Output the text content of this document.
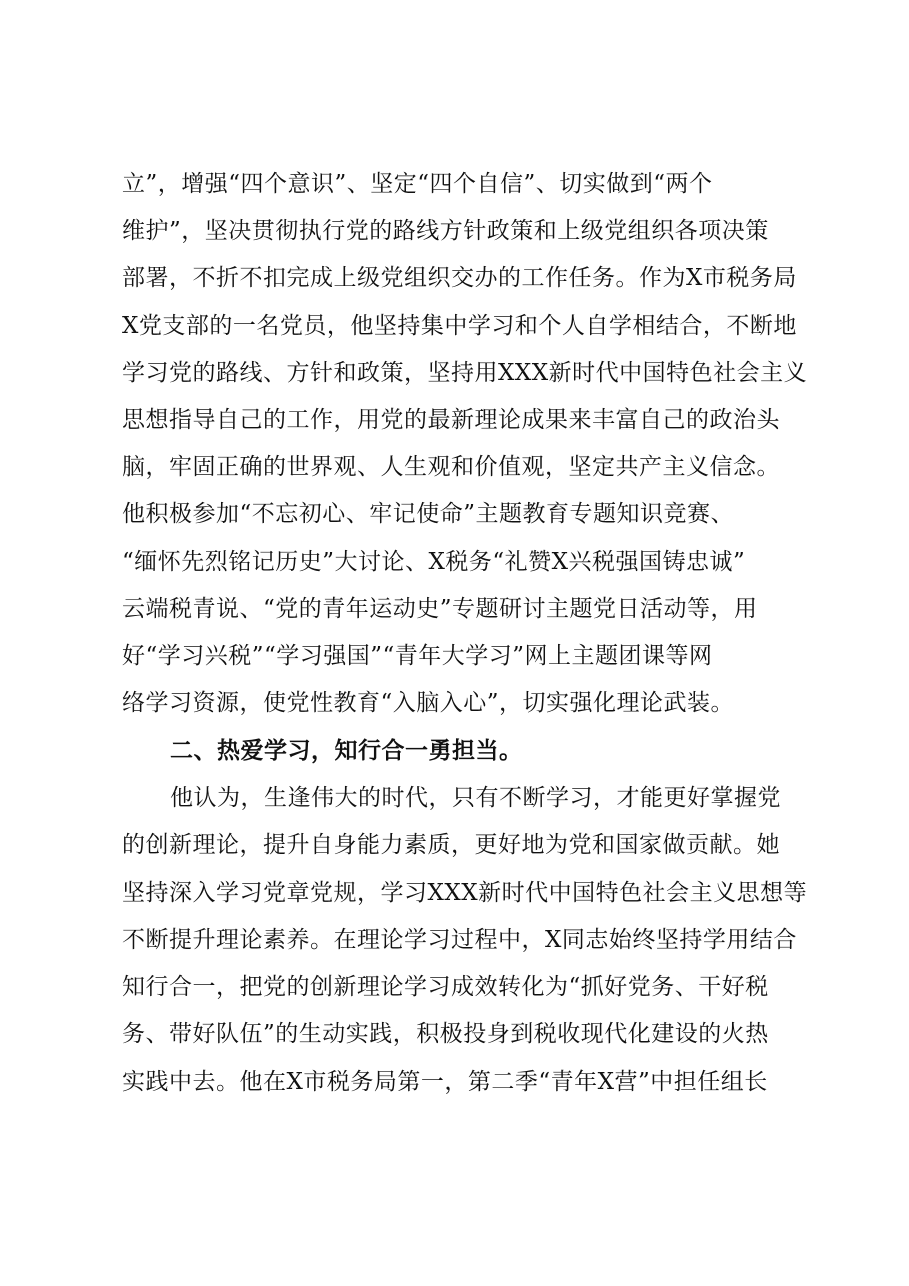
立”，增强“四个意识”、坚定“四个自信”、切实做到“两个
维护”，坚决贯彻执行党的路线方针政策和上级党组织各项决策
部署，不折不扣完成上级党组织交办的工作任务。作为X市税务局
X党支部的一名党员，他坚持集中学习和个人自学相结合，不断地
学习党的路线、方针和政策，坚持用XXX新时代中国特色社会主义
思想指导自己的工作，用党的最新理论成果来丰富自己的政治头
脑，牢固正确的世界观、人生观和价值观，坚定共产主义信念。
他积极参加“不忘初心、牢记使命”主题教育专题知识竞赛、
“缅怀先烈铭记历史”大讨论、X税务“礼赞X兴税强国铸忠诚”
云端税青说、“党的青年运动史”专题研讨主题党日活动等，用
好“学习兴税”“学习强国”“青年大学习”网上主题团课等网
络学习资源，使党性教育“入脑入心”，切实强化理论武装。
二、热爱学习，知行合一勇担当。
他认为，生逢伟大的时代，只有不断学习，才能更好掌握党
的创新理论，提升自身能力素质，更好地为党和国家做贡献。她
坚持深入学习党章党规，学习XXX新时代中国特色社会主义思想等
不断提升理论素养。在理论学习过程中，X同志始终坚持学用结合
知行合一，把党的创新理论学习成效转化为“抓好党务、干好税
务、带好队伍”的生动实践，积极投身到税收现代化建设的火热
实践中去。他在X市税务局第一，第二季“青年X营”中担任组长
